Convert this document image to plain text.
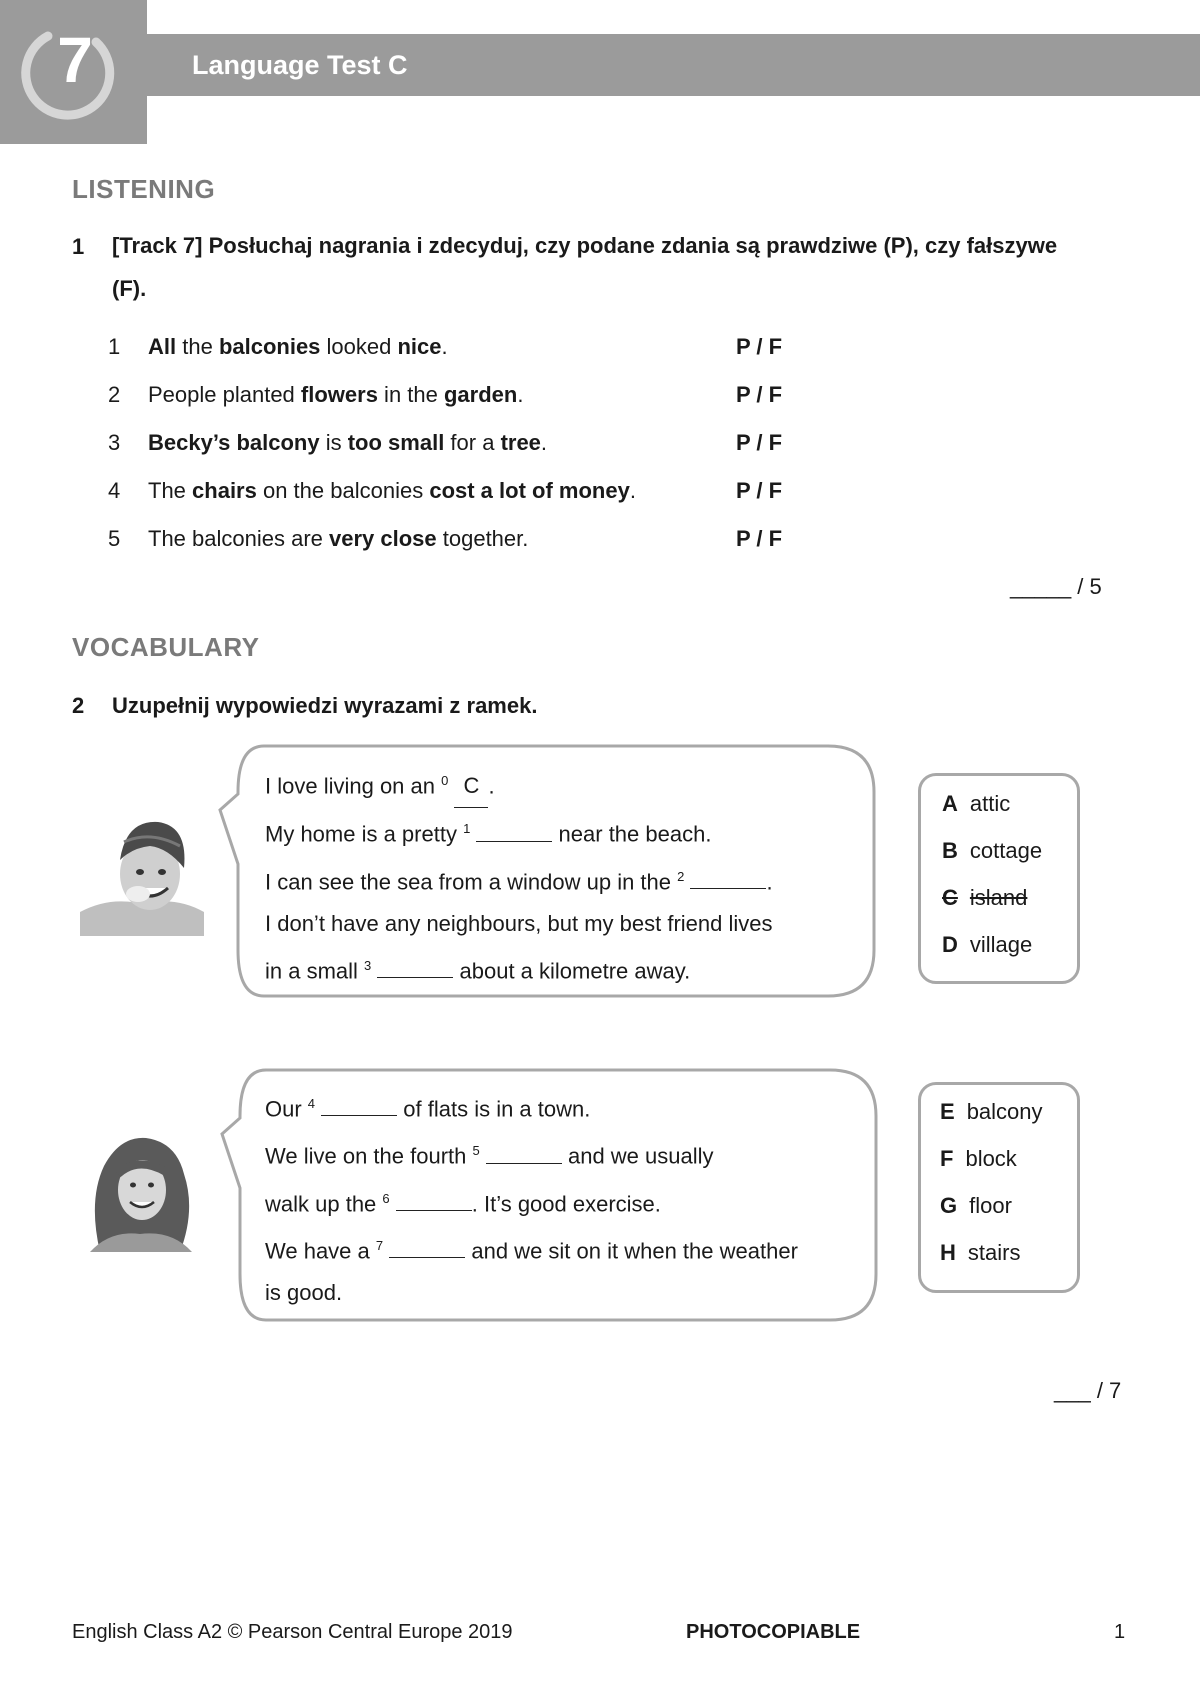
7	Language Test C
LISTENING
1 [Track 7] Posłuchaj nagrania i zdecyduj, czy podane zdania są prawdziwe (P), czy fałszywe (F).
1 All the balconies looked nice.	P / F
2 People planted flowers in the garden.	P / F
3 Becky’s balcony is too small for a tree.	P / F
4 The chairs on the balconies cost a lot of money.	P / F
5 The balconies are very close together.	P / F
_____ / 5
VOCABULARY
2 Uzupełnij wypowiedzi wyrazami z ramek.
I love living on an $^0$ C .
My home is a pretty $^1$	near the beach.
I can see the sea from a window up in the $^2$	.
I don’t have any neighbours, but my best friend lives
in a small $^3$	about a kilometre away.
A attic
B cottage
C island
D village
Our $^4$	of flats is in a town.
We live on the fourth $^5$	and we usually
walk up the $^6$	. It’s good exercise.
We have a $^7$	and we sit on it when the weather
is good.
E balcony
F block
G floor
H stairs
___ / 7
English Class A2 © Pearson Central Europe 2019	PHOTOCOPIABLE	1
